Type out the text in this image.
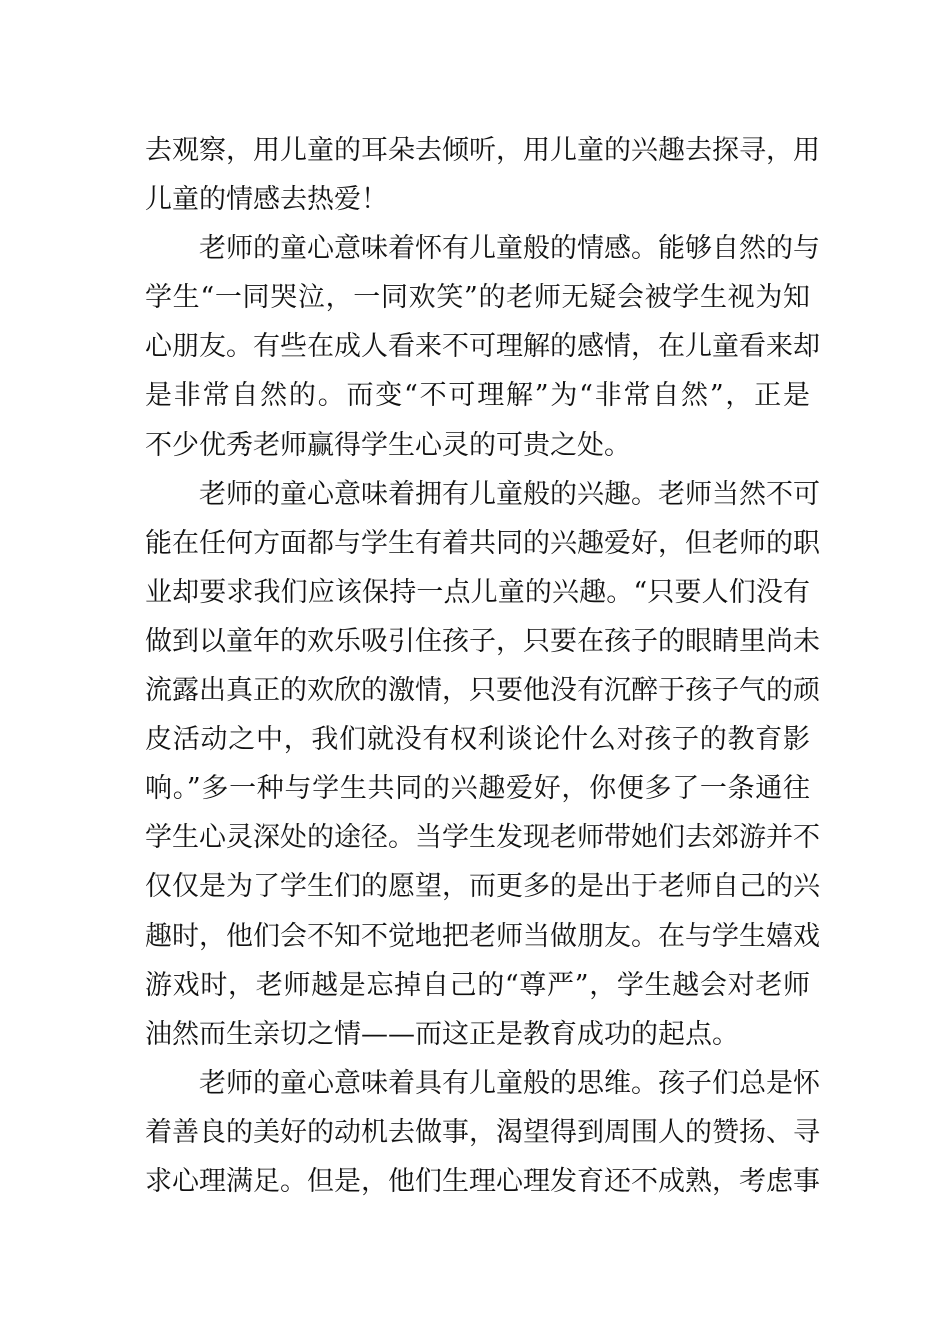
去观察，用儿童的耳朵去倾听，用儿童的兴趣去探寻，用
儿童的情感去热爱！
老师的童心意味着怀有儿童般的情感。能够自然的与
学生“一同哭泣，一同欢笑”的老师无疑会被学生视为知
心朋友。有些在成人看来不可理解的感情，在儿童看来却
是非常自然的。而变“不可理解”为“非常自然”，正是
不少优秀老师赢得学生心灵的可贵之处。
老师的童心意味着拥有儿童般的兴趣。老师当然不可
能在任何方面都与学生有着共同的兴趣爱好，但老师的职
业却要求我们应该保持一点儿童的兴趣。“只要人们没有
做到以童年的欢乐吸引住孩子，只要在孩子的眼睛里尚未
流露出真正的欢欣的激情，只要他没有沉醉于孩子气的顽
皮活动之中，我们就没有权利谈论什么对孩子的教育影
响。”多一种与学生共同的兴趣爱好，你便多了一条通往
学生心灵深处的途径。当学生发现老师带她们去郊游并不
仅仅是为了学生们的愿望，而更多的是出于老师自己的兴
趣时，他们会不知不觉地把老师当做朋友。在与学生嬉戏
游戏时，老师越是忘掉自己的“尊严”，学生越会对老师
油然而生亲切之情——而这正是教育成功的起点。
老师的童心意味着具有儿童般的思维。孩子们总是怀
着善良的美好的动机去做事，渴望得到周围人的赞扬、寻
求心理满足。但是，他们生理心理发育还不成熟，考虑事
